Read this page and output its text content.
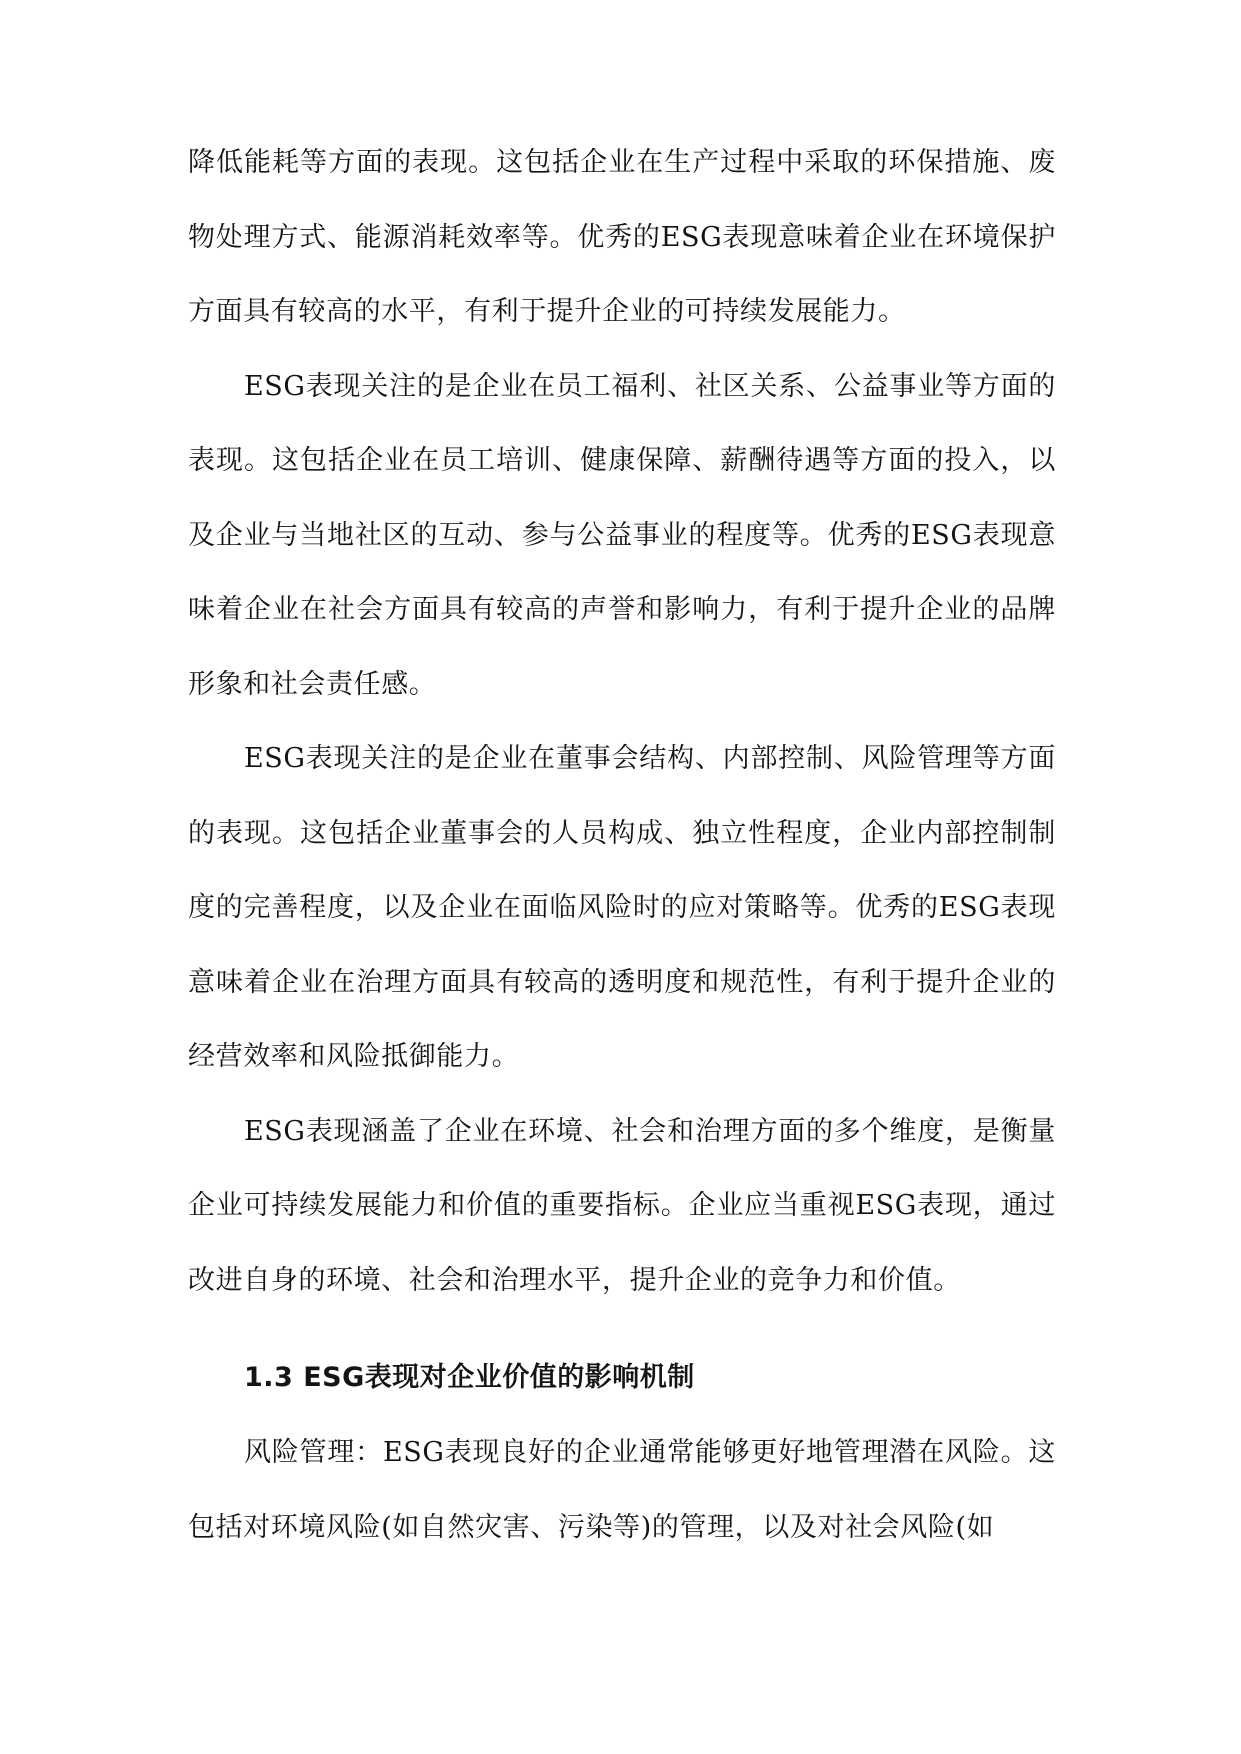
降低能耗等方面的表现。这包括企业在生产过程中采取的环保措施、废物处理方式、能源消耗效率等。优秀的ESG表现意味着企业在环境保护方面具有较高的水平，有利于提升企业的可持续发展能力。

ESG表现关注的是企业在员工福利、社区关系、公益事业等方面的表现。这包括企业在员工培训、健康保障、薪酬待遇等方面的投入，以及企业与当地社区的互动、参与公益事业的程度等。优秀的ESG表现意味着企业在社会方面具有较高的声誉和影响力，有利于提升企业的品牌形象和社会责任感。

ESG表现关注的是企业在董事会结构、内部控制、风险管理等方面的表现。这包括企业董事会的人员构成、独立性程度，企业内部控制制度的完善程度，以及企业在面临风险时的应对策略等。优秀的ESG表现意味着企业在治理方面具有较高的透明度和规范性，有利于提升企业的经营效率和风险抵御能力。

ESG表现涵盖了企业在环境、社会和治理方面的多个维度，是衡量企业可持续发展能力和价值的重要指标。企业应当重视ESG表现，通过改进自身的环境、社会和治理水平，提升企业的竞争力和价值。

1.3 ESG表现对企业价值的影响机制

风险管理：ESG表现良好的企业通常能够更好地管理潜在风险。这包括对环境风险(如自然灾害、污染等)的管理，以及对社会风险(如
